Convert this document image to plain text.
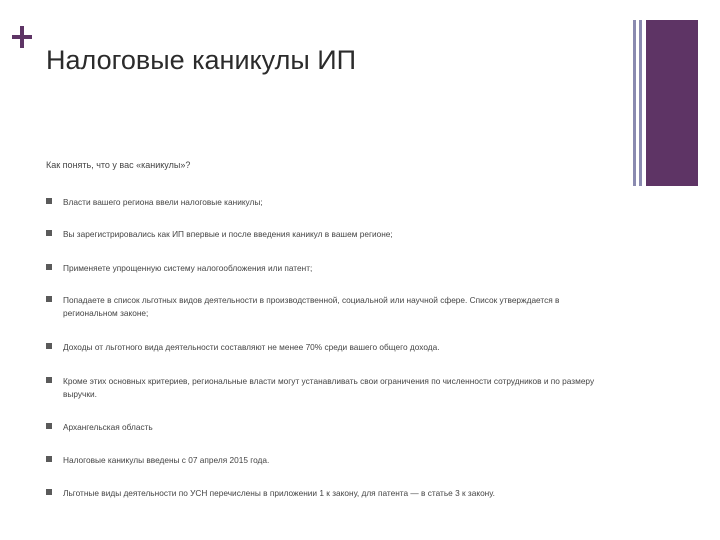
Налоговые каникулы ИП

Как понять, что у вас «каникулы»?

Власти вашего региона ввели налоговые каникулы;
Вы зарегистрировались как ИП впервые и после введения каникул в вашем регионе;
Применяете упрощенную систему налогообложения или патент;
Попадаете в список льготных видов деятельности в производственной, социальной или научной сфере. Список утверждается в региональном законе;
Доходы от льготного вида деятельности составляют не менее 70% среди вашего общего дохода.
Кроме этих основных критериев, региональные власти могут устанавливать свои ограничения по численности сотрудников и по размеру выручки.
Архангельская область
Налоговые каникулы введены с 07 апреля 2015 года.
Льготные виды деятельности по УСН перечислены в приложении 1 к закону, для патента — в статье 3 к закону.
